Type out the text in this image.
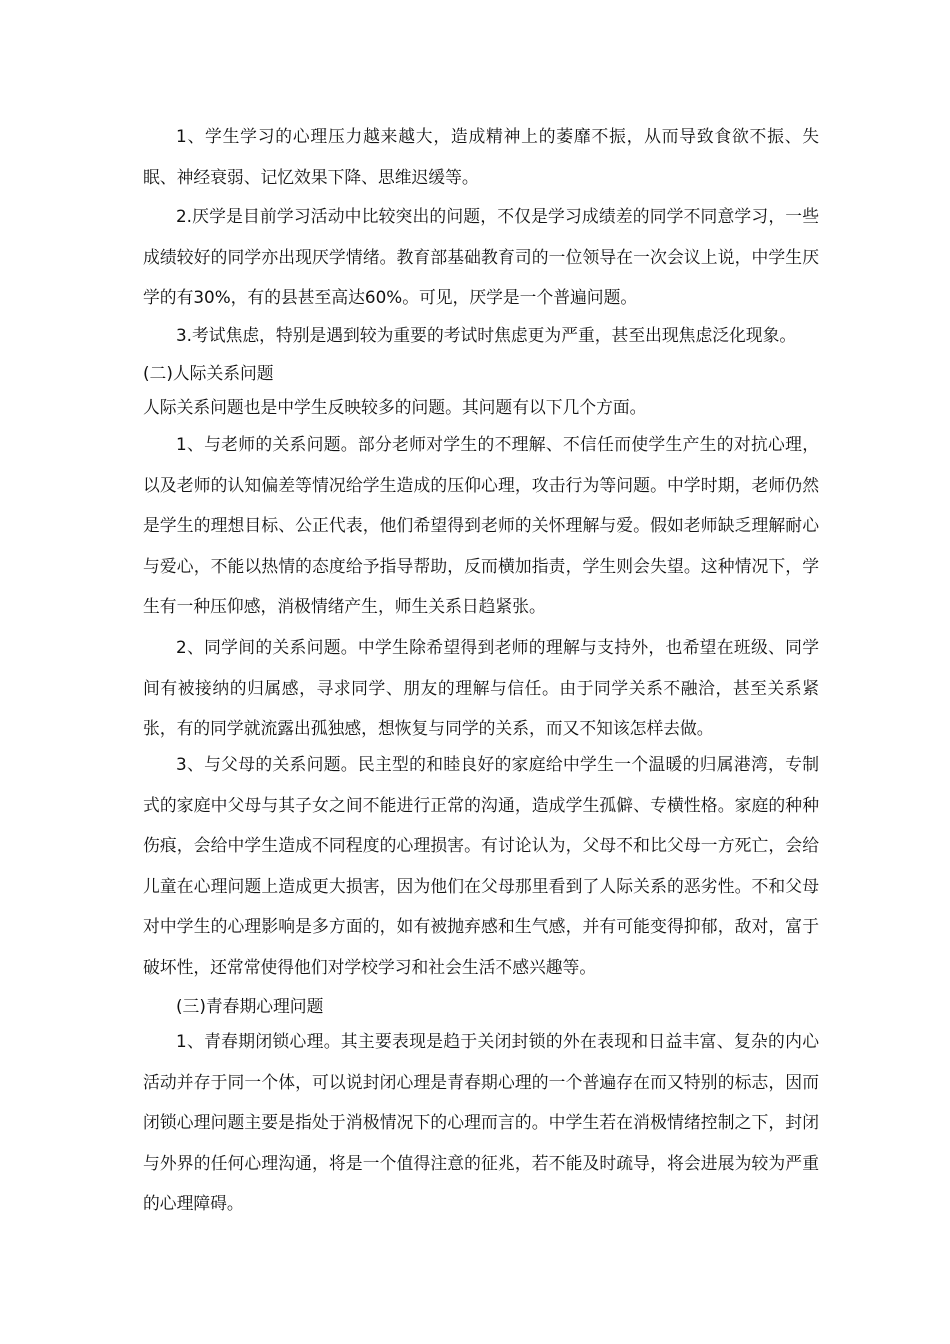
1、学生学习的心理压力越来越大，造成精神上的萎靡不振，从而导致食欲不振、失眠、神经衰弱、记忆效果下降、思维迟缓等。

2.厌学是目前学习活动中比较突出的问题，不仅是学习成绩差的同学不同意学习，一些成绩较好的同学亦出现厌学情绪。教育部基础教育司的一位领导在一次会议上说，中学生厌学的有30%，有的县甚至高达60%。可见，厌学是一个普遍问题。

3.考试焦虑，特别是遇到较为重要的考试时焦虑更为严重，甚至出现焦虑泛化现象。

(二)人际关系问题

人际关系问题也是中学生反映较多的问题。其问题有以下几个方面。

1、与老师的关系问题。部分老师对学生的不理解、不信任而使学生产生的对抗心理，以及老师的认知偏差等情况给学生造成的压仰心理，攻击行为等问题。中学时期，老师仍然是学生的理想目标、公正代表，他们希望得到老师的关怀理解与爱。假如老师缺乏理解耐心与爱心，不能以热情的态度给予指导帮助，反而横加指责，学生则会失望。这种情况下，学生有一种压仰感，消极情绪产生，师生关系日趋紧张。

2、同学间的关系问题。中学生除希望得到老师的理解与支持外，也希望在班级、同学间有被接纳的归属感，寻求同学、朋友的理解与信任。由于同学关系不融洽，甚至关系紧张，有的同学就流露出孤独感，想恢复与同学的关系，而又不知该怎样去做。

3、与父母的关系问题。民主型的和睦良好的家庭给中学生一个温暖的归属港湾，专制式的家庭中父母与其子女之间不能进行正常的沟通，造成学生孤僻、专横性格。家庭的种种伤痕，会给中学生造成不同程度的心理损害。有讨论认为，父母不和比父母一方死亡，会给儿童在心理问题上造成更大损害，因为他们在父母那里看到了人际关系的恶劣性。不和父母对中学生的心理影响是多方面的，如有被抛弃感和生气感，并有可能变得抑郁，敌对，富于破坏性，还常常使得他们对学校学习和社会生活不感兴趣等。

(三)青春期心理问题

1、青春期闭锁心理。其主要表现是趋于关闭封锁的外在表现和日益丰富、复杂的内心活动并存于同一个体，可以说封闭心理是青春期心理的一个普遍存在而又特别的标志，因而闭锁心理问题主要是指处于消极情况下的心理而言的。中学生若在消极情绪控制之下，封闭与外界的任何心理沟通，将是一个值得注意的征兆，若不能及时疏导，将会进展为较为严重的心理障碍。
